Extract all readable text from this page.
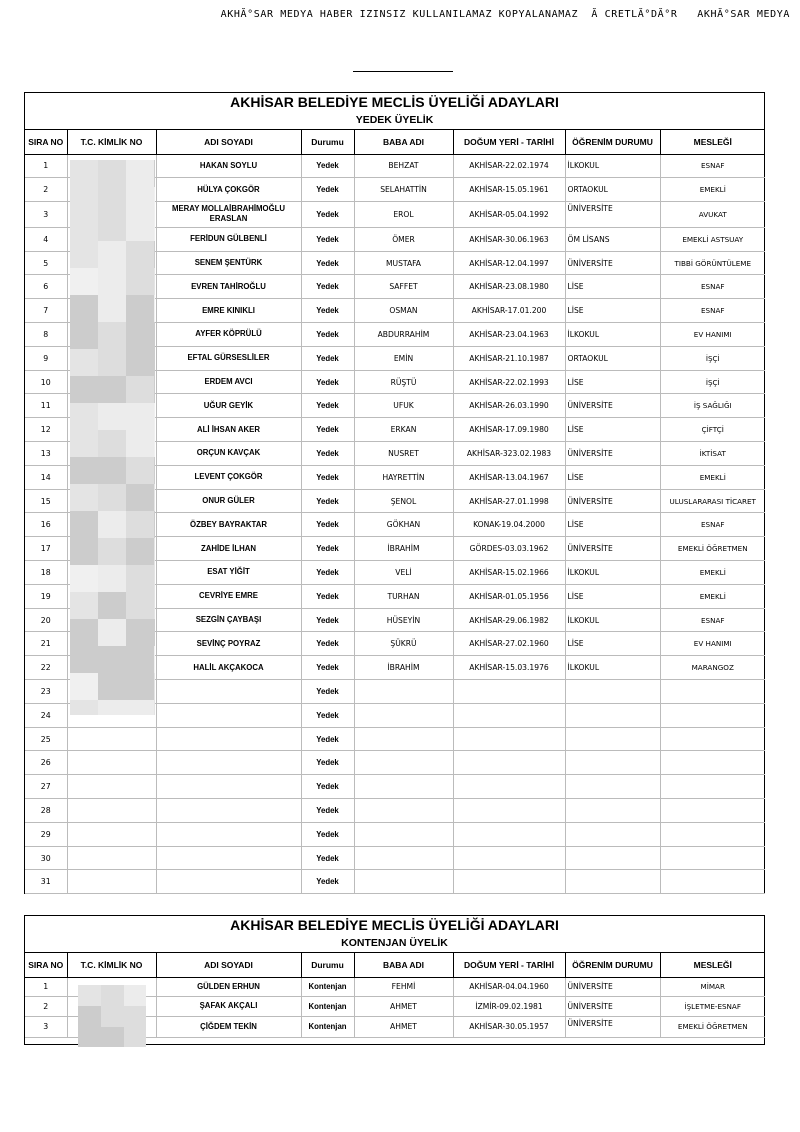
AKHĂ°SAR MEDYA HABER IZINSIZ KULLANILAMAZ KOPYALANAMAZ  Ă CRETLĂ°DĂ°R   AKHĂ°SAR MEDYA
AKHİSAR BELEDİYE MECLİS ÜYELİĞİ ADAYLARI
YEDEK ÜYELİK
SIRA NO	T.C. KİMLİK NO	ADI SOYADI	Durumu	BABA ADI	DOĞUM YERİ - TARİHİ	ÖĞRENİM DURUMU	MESLEĞİ
1		HAKAN SOYLU	Yedek	BEHZAT	AKHİSAR-22.02.1974	İLKOKUL	ESNAF
2		HÜLYA ÇOKGÖR	Yedek	SELAHATTİN	AKHİSAR-15.05.1961	ORTAOKUL	EMEKLİ
3		MERAY MOLLAİBRAHİMOĞLU ERASLAN	Yedek	EROL	AKHİSAR-05.04.1992	ÜNİVERSİTE	AVUKAT
4		FERİDUN GÜLBENLİ	Yedek	ÖMER	AKHİSAR-30.06.1963	ÖM LİSANS	EMEKLİ ASTSUAY
5		SENEM ŞENTÜRK	Yedek	MUSTAFA	AKHİSAR-12.04.1997	ÜNİVERSİTE	TIBBİ GÖRÜNTÜLEME
6		EVREN TAHİROĞLU	Yedek	SAFFET	AKHİSAR-23.08.1980	LİSE	ESNAF
7		EMRE KINIKLI	Yedek	OSMAN	AKHİSAR-17.01.200	LİSE	ESNAF
8		AYFER KÖPRÜLÜ	Yedek	ABDURRAHİM	AKHİSAR-23.04.1963	İLKOKUL	EV HANIMI
9		EFTAL GÜRSESLİLER	Yedek	EMİN	AKHİSAR-21.10.1987	ORTAOKUL	İŞÇİ
10		ERDEM AVCI	Yedek	RÜŞTÜ	AKHİSAR-22.02.1993	LİSE	İŞÇİ
11		UĞUR GEYİK	Yedek	UFUK	AKHİSAR-26.03.1990	ÜNİVERSİTE	İŞ SAĞLIĞI
12		ALİ İHSAN AKER	Yedek	ERKAN	AKHİSAR-17.09.1980	LİSE	ÇİFTÇİ
13		ORÇUN KAVÇAK	Yedek	NUSRET	AKHİSAR-323.02.1983	ÜNİVERSİTE	İKTİSAT
14		LEVENT ÇOKGÖR	Yedek	HAYRETTİN	AKHİSAR-13.04.1967	LİSE	EMEKLİ
15		ONUR GÜLER	Yedek	ŞENOL	AKHİSAR-27.01.1998	ÜNİVERSİTE	ULUSLARARASI TİCARET
16		ÖZBEY BAYRAKTAR	Yedek	GÖKHAN	KONAK-19.04.2000	LİSE	ESNAF
17		ZAHİDE İLHAN	Yedek	İBRAHİM	GÖRDES-03.03.1962	ÜNİVERSİTE	EMEKLİ ÖĞRETMEN
18		ESAT YİĞİT	Yedek	VELİ	AKHİSAR-15.02.1966	İLKOKUL	EMEKLİ
19		CEVRİYE EMRE	Yedek	TURHAN	AKHİSAR-01.05.1956	LİSE	EMEKLİ
20		SEZGİN ÇAYBAŞI	Yedek	HÜSEYİN	AKHİSAR-29.06.1982	İLKOKUL	ESNAF
21		SEVİNÇ POYRAZ	Yedek	ŞÜKRÜ	AKHİSAR-27.02.1960	LİSE	EV HANIMI
22		HALİL AKÇAKOCA	Yedek	İBRAHİM	AKHİSAR-15.03.1976	İLKOKUL	MARANGOZ
23			Yedek				
24			Yedek				
25			Yedek				
26			Yedek				
27			Yedek				
28			Yedek				
29			Yedek				
30			Yedek				
31			Yedek				
AKHİSAR BELEDİYE MECLİS ÜYELİĞİ ADAYLARI
KONTENJAN ÜYELİK
SIRA NO	T.C. KİMLİK NO	ADI SOYADI	Durumu	BABA ADI	DOĞUM YERİ - TARİHİ	ÖĞRENİM DURUMU	MESLEĞİ
1		GÜLDEN ERHUN	Kontenjan	FEHMİ	AKHİSAR-04.04.1960	ÜNİVERSİTE	MİMAR
2		ŞAFAK AKÇALI	Kontenjan	AHMET	İZMİR-09.02.1981	ÜNİVERSİTE	İŞLETME-ESNAF
3		ÇİĞDEM TEKİN	Kontenjan	AHMET	AKHİSAR-30.05.1957	ÜNİVERSİTE	EMEKLİ ÖĞRETMEN
